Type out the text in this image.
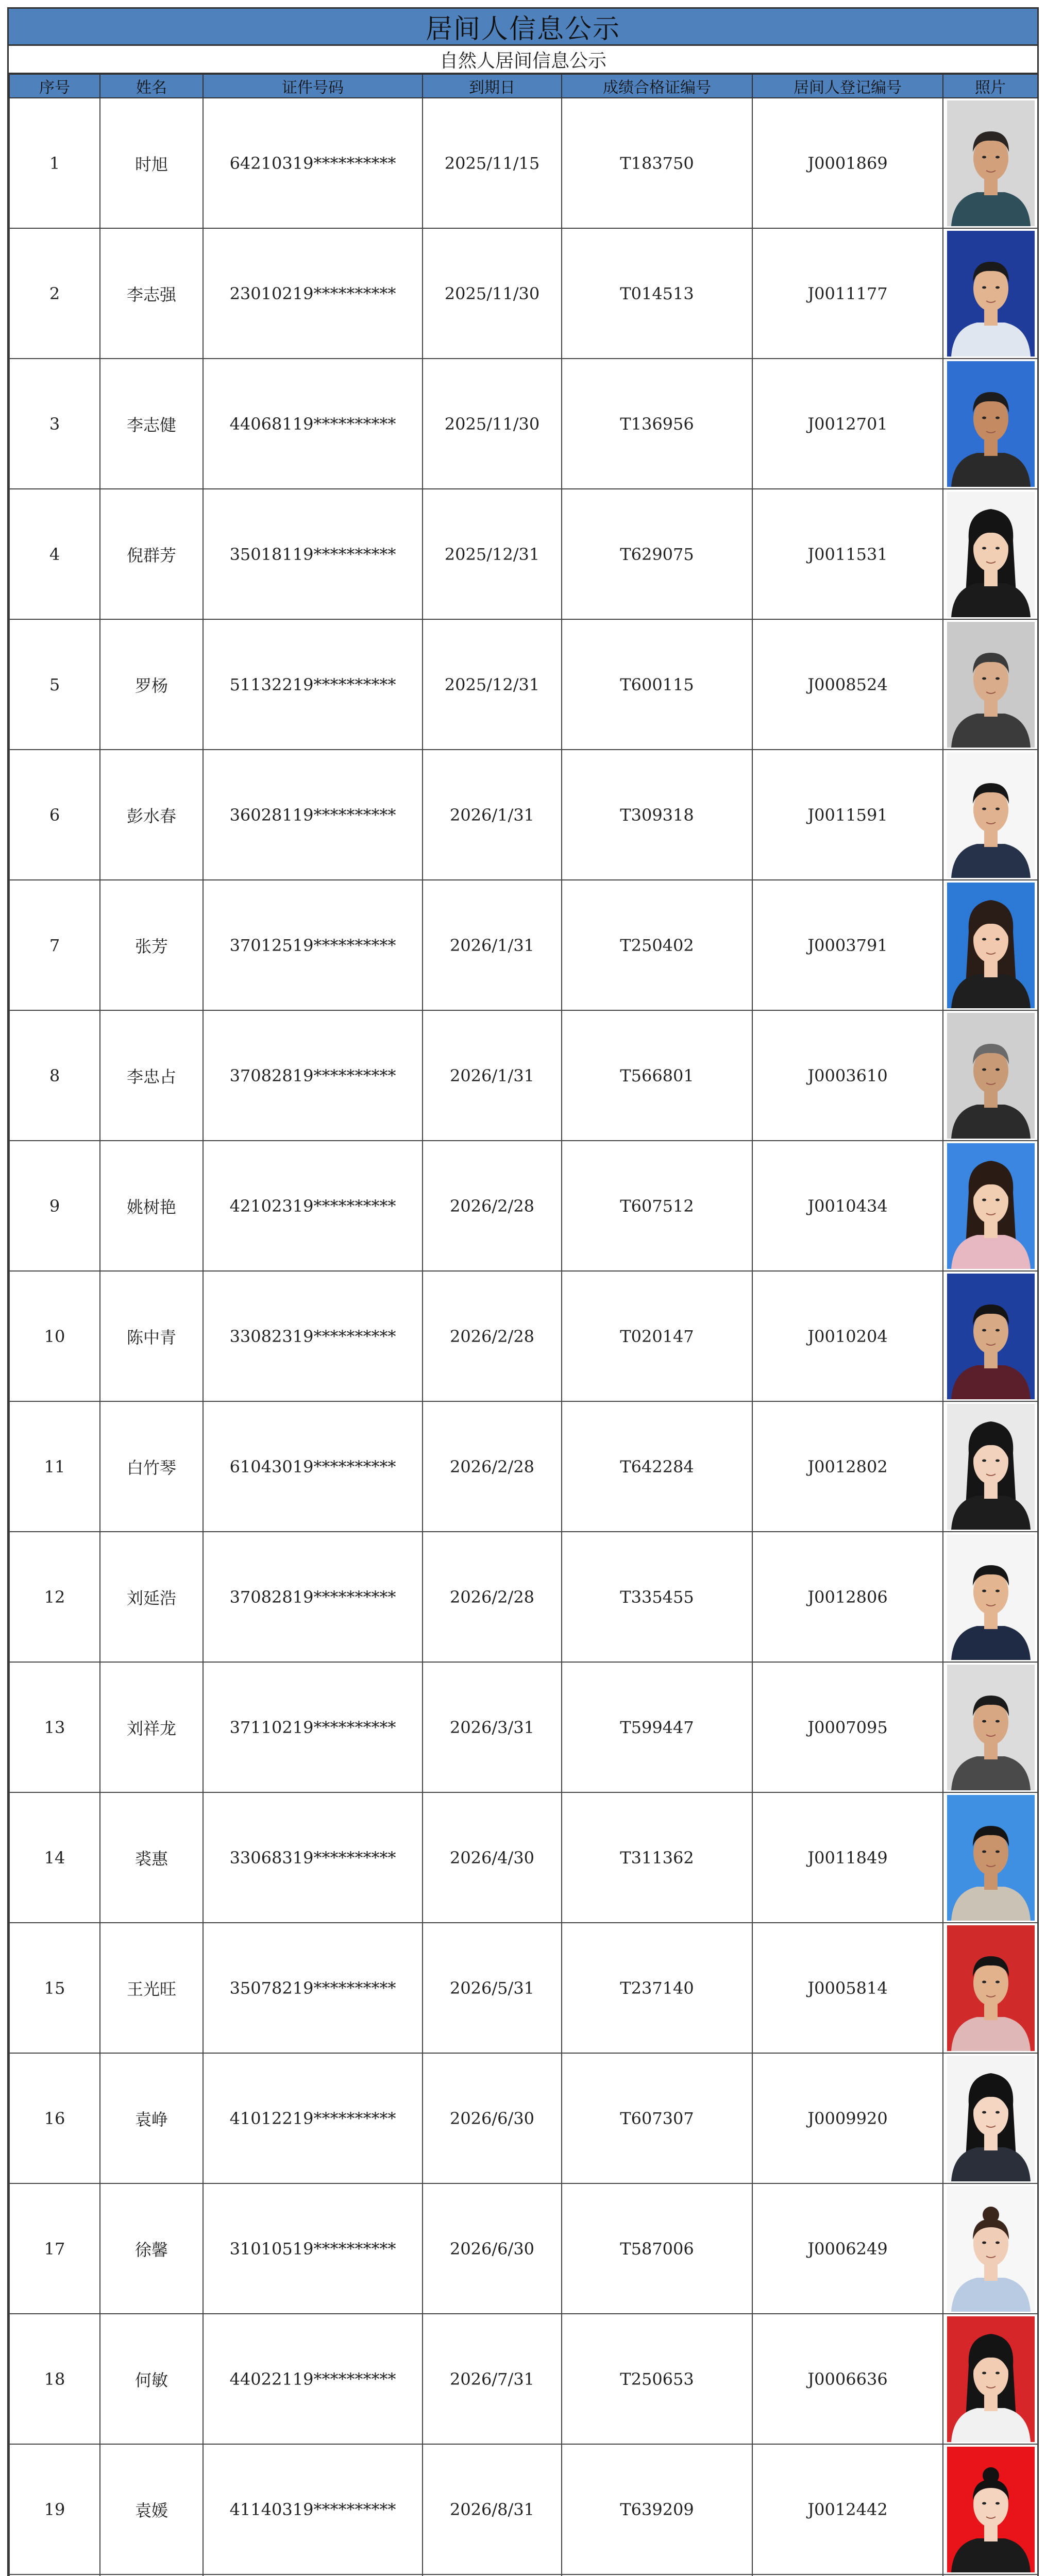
居间人信息公示
自然人居间信息公示
序号	姓名	证件号码	到期日	成绩合格证编号	居间人登记编号	照片
1	时旭	64210319**********	2025/11/15	T183750	J0001869	

2	李志强	23010219**********	2025/11/30	T014513	J0011177	

3	李志健	44068119**********	2025/11/30	T136956	J0012701	

4	倪群芳	35018119**********	2025/12/31	T629075	J0011531	

5	罗杨	51132219**********	2025/12/31	T600115	J0008524	

6	彭水春	36028119**********	2026/1/31	T309318	J0011591	

7	张芳	37012519**********	2026/1/31	T250402	J0003791	

8	李忠占	37082819**********	2026/1/31	T566801	J0003610	

9	姚树艳	42102319**********	2026/2/28	T607512	J0010434	

10	陈中青	33082319**********	2026/2/28	T020147	J0010204	

11	白竹琴	61043019**********	2026/2/28	T642284	J0012802	

12	刘延浩	37082819**********	2026/2/28	T335455	J0012806	

13	刘祥龙	37110219**********	2026/3/31	T599447	J0007095	

14	裘惠	33068319**********	2026/4/30	T311362	J0011849	

15	王光旺	35078219**********	2026/5/31	T237140	J0005814	

16	袁峥	41012219**********	2026/6/30	T607307	J0009920	

17	徐馨	31010519**********	2026/6/30	T587006	J0006249	

18	何敏	44022119**********	2026/7/31	T250653	J0006636	

19	袁媛	41140319**********	2026/8/31	T639209	J0012442	
